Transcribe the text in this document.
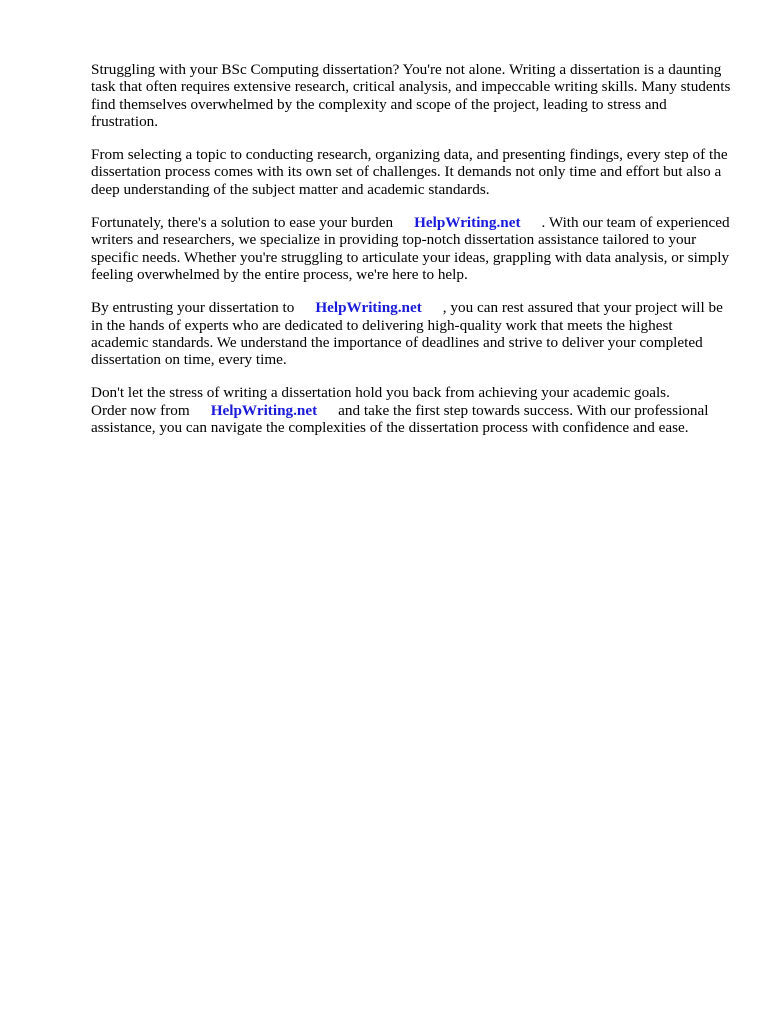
Struggling with your BSc Computing dissertation? You're not alone. Writing a dissertation is a daunting task that often requires extensive research, critical analysis, and impeccable writing skills. Many students find themselves overwhelmed by the complexity and scope of the project, leading to stress and frustration.

From selecting a topic to conducting research, organizing data, and presenting findings, every step of the dissertation process comes with its own set of challenges. It demands not only time and effort but also a deep understanding of the subject matter and academic standards.

Fortunately, there's a solution to ease your burden HelpWriting.net . With our team of experienced writers and researchers, we specialize in providing top-notch dissertation assistance tailored to your specific needs. Whether you're struggling to articulate your ideas, grappling with data analysis, or simply feeling overwhelmed by the entire process, we're here to help.

By entrusting your dissertation to HelpWriting.net , you can rest assured that your project will be in the hands of experts who are dedicated to delivering high-quality work that meets the highest academic standards. We understand the importance of deadlines and strive to deliver your completed dissertation on time, every time.

Don't let the stress of writing a dissertation hold you back from achieving your academic goals.
Order now from HelpWriting.net and take the first step towards success. With our professional assistance, you can navigate the complexities of the dissertation process with confidence and ease.
